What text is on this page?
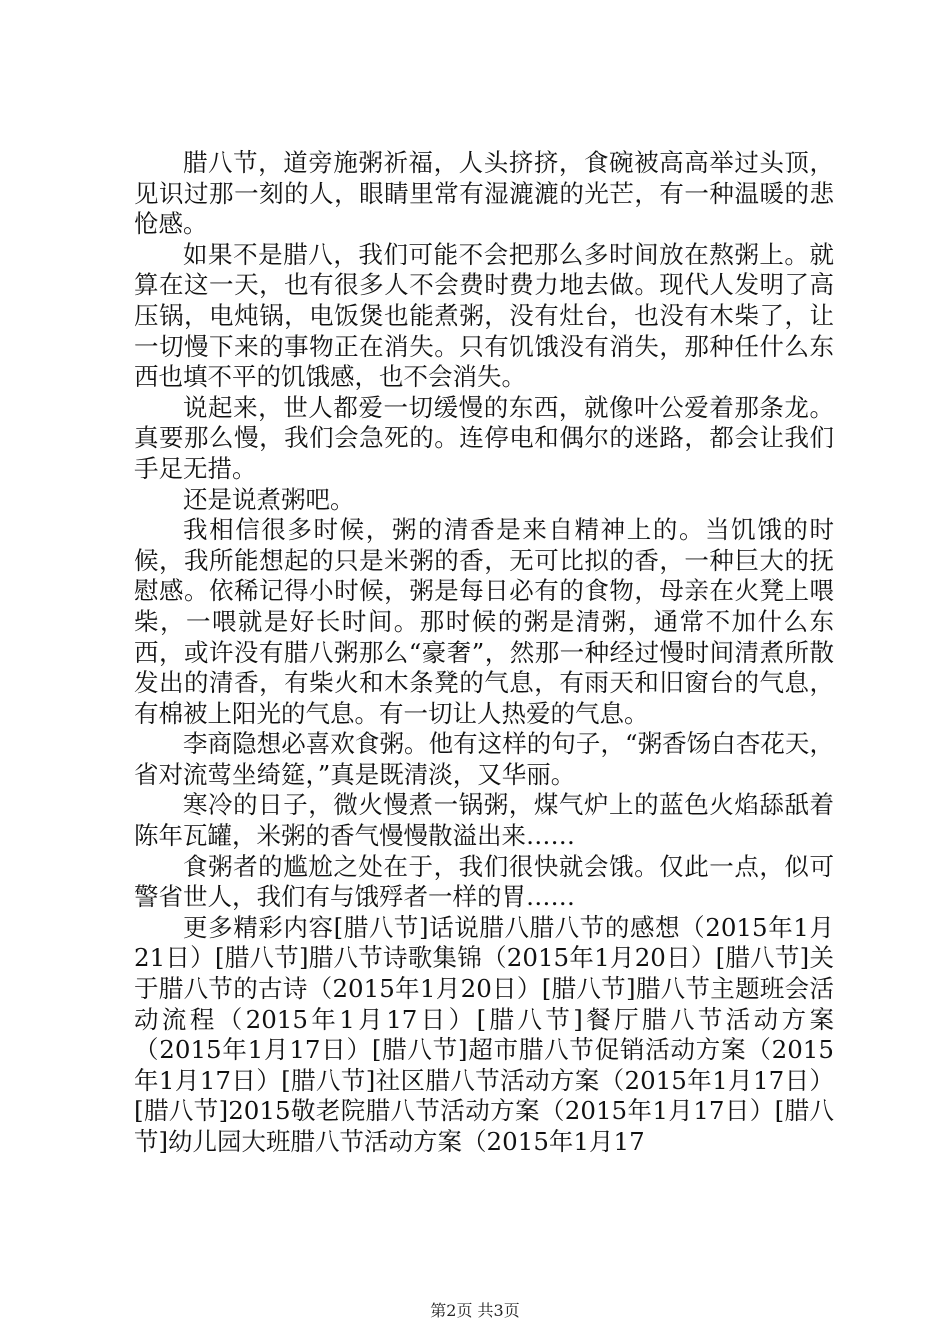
腊八节，道旁施粥祈福，人头挤挤，食碗被高高举过头顶，见识过那一刻的人，眼睛里常有湿漉漉的光芒，有一种温暖的悲怆感。

如果不是腊八，我们可能不会把那么多时间放在熬粥上。就算在这一天，也有很多人不会费时费力地去做。现代人发明了高压锅，电炖锅，电饭煲也能煮粥，没有灶台，也没有木柴了，让一切慢下来的事物正在消失。只有饥饿没有消失，那种任什么东西也填不平的饥饿感，也不会消失。

说起来，世人都爱一切缓慢的东西，就像叶公爱着那条龙。真要那么慢，我们会急死的。连停电和偶尔的迷路，都会让我们手足无措。

还是说煮粥吧。

我相信很多时候，粥的清香是来自精神上的。当饥饿的时候，我所能想起的只是米粥的香，无可比拟的香，一种巨大的抚慰感。依稀记得小时候，粥是每日必有的食物，母亲在火凳上喂柴，一喂就是好长时间。那时候的粥是清粥，通常不加什么东西，或许没有腊八粥那么“豪奢”，然那一种经过慢时间清煮所散发出的清香，有柴火和木条凳的气息，有雨天和旧窗台的气息，有棉被上阳光的气息。有一切让人热爱的气息。

李商隐想必喜欢食粥。他有这样的句子，“粥香饧白杏花天，省对流莺坐绮筵，”真是既清淡，又华丽。

寒冷的日子，微火慢煮一锅粥，煤气炉上的蓝色火焰舔舐着陈年瓦罐，米粥的香气慢慢散溢出来……

食粥者的尴尬之处在于，我们很快就会饿。仅此一点，似可警省世人，我们有与饿殍者一样的胃……

更多精彩内容[腊八节]话说腊八腊八节的感想（2015年1月21日）[腊八节]腊八节诗歌集锦（2015年1月20日）[腊八节]关于腊八节的古诗（2015年1月20日）[腊八节]腊八节主题班会活动流程（2015年1月17日）[腊八节]餐厅腊八节活动方案（2015年1月17日）[腊八节]超市腊八节促销活动方案（2015年1月17日）[腊八节]社区腊八节活动方案（2015年1月17日）[腊八节]2015敬老院腊八节活动方案（2015年1月17日）[腊八节]幼儿园大班腊八节活动方案（2015年1月17

第2页 共3页
